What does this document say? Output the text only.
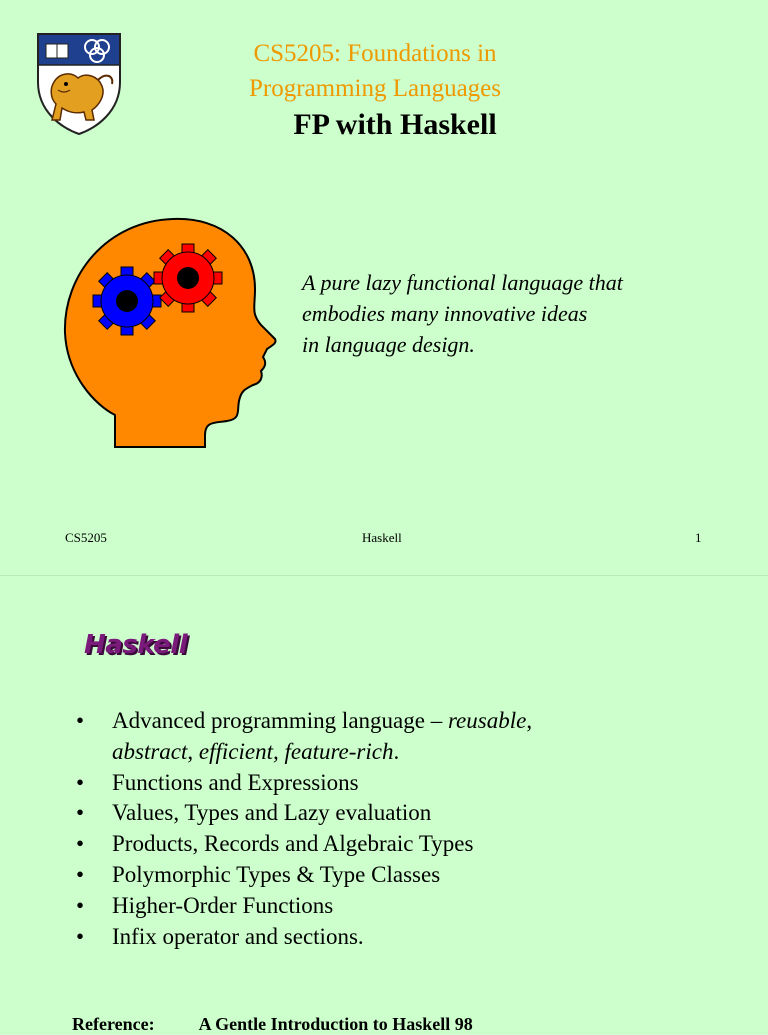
CS5205: Foundations in
Programming Languages
FP with Haskell
A pure lazy functional language that
embodies many innovative ideas
in language design.
CS5205	Haskell	1
Haskell
• Advanced programming language – reusable,
abstract, efficient, feature-rich.
• Functions and Expressions
• Values, Types and Lazy evaluation
• Products, Records and Algebraic Types
• Polymorphic Types & Type Classes
• Higher-Order Functions
• Infix operator and sections.
Reference: A Gentle Introduction to Haskell 98
